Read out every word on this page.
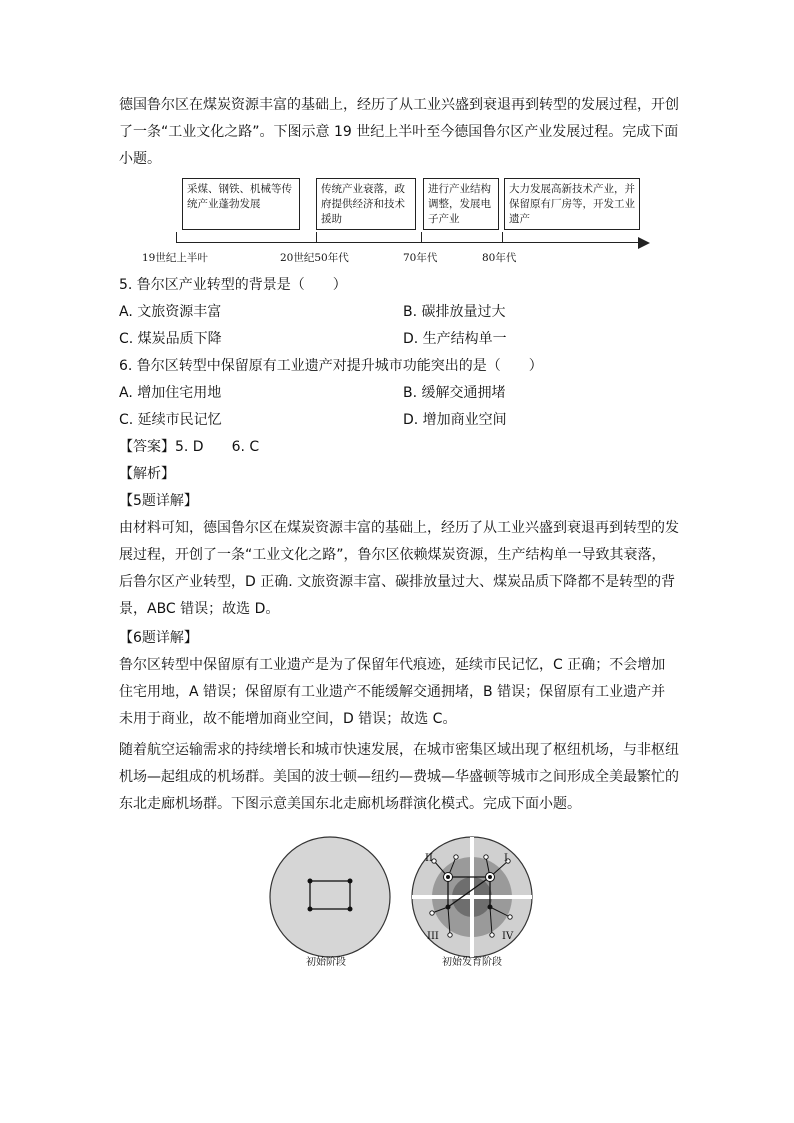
德国鲁尔区在煤炭资源丰富的基础上，经历了从工业兴盛到衰退再到转型的发展过程，开创了一条“工业文化之路”。下图示意 19 世纪上半叶至今德国鲁尔区产业发展过程。完成下面小题。

采煤、钢铁、机械等传统产业蓬勃发展
传统产业衰落，政府提供经济和技术援助
进行产业结构调整，发展电子产业
大力发展高新技术产业，并保留原有厂房等，开发工业遗产
19世纪上半叶	20世纪50年代	70年代	80年代
5. 鲁尔区产业转型的背景是（　　）
A. 文旅资源丰富	B. 碳排放量过大
C. 煤炭品质下降	D. 生产结构单一
6. 鲁尔区转型中保留原有工业遗产对提升城市功能突出的是（　　）
A. 增加住宅用地	B. 缓解交通拥堵
C. 延续市民记忆	D. 增加商业空间
【答案】5. D　　6. C
【解析】
【5题详解】

由材料可知，德国鲁尔区在煤炭资源丰富的基础上，经历了从工业兴盛到衰退再到转型的发展过程，开创了一条“工业文化之路”，鲁尔区依赖煤炭资源，生产结构单一导致其衰落，后鲁尔区产业转型，D 正确. 文旅资源丰富、碳排放量过大、煤炭品质下降都不是转型的背景，ABC 错误；故选 D。

【6题详解】

鲁尔区转型中保留原有工业遗产是为了保留年代痕迹，延续市民记忆，C 正确；不会增加住宅用地，A 错误；保留原有工业遗产不能缓解交通拥堵，B 错误；保留原有工业遗产并未用于商业，故不能增加商业空间，D 错误；故选 C。

随着航空运输需求的持续增长和城市快速发展，在城市密集区域出现了枢纽机场，与非枢纽机场—起组成的机场群。美国的波士顿—纽约—费城—华盛顿等城市之间形成全美最繁忙的东北走廊机场群。下图示意美国东北走廊机场群演化模式。完成下面小题。

初始阶段
II	I
III	IV
初始发育阶段
